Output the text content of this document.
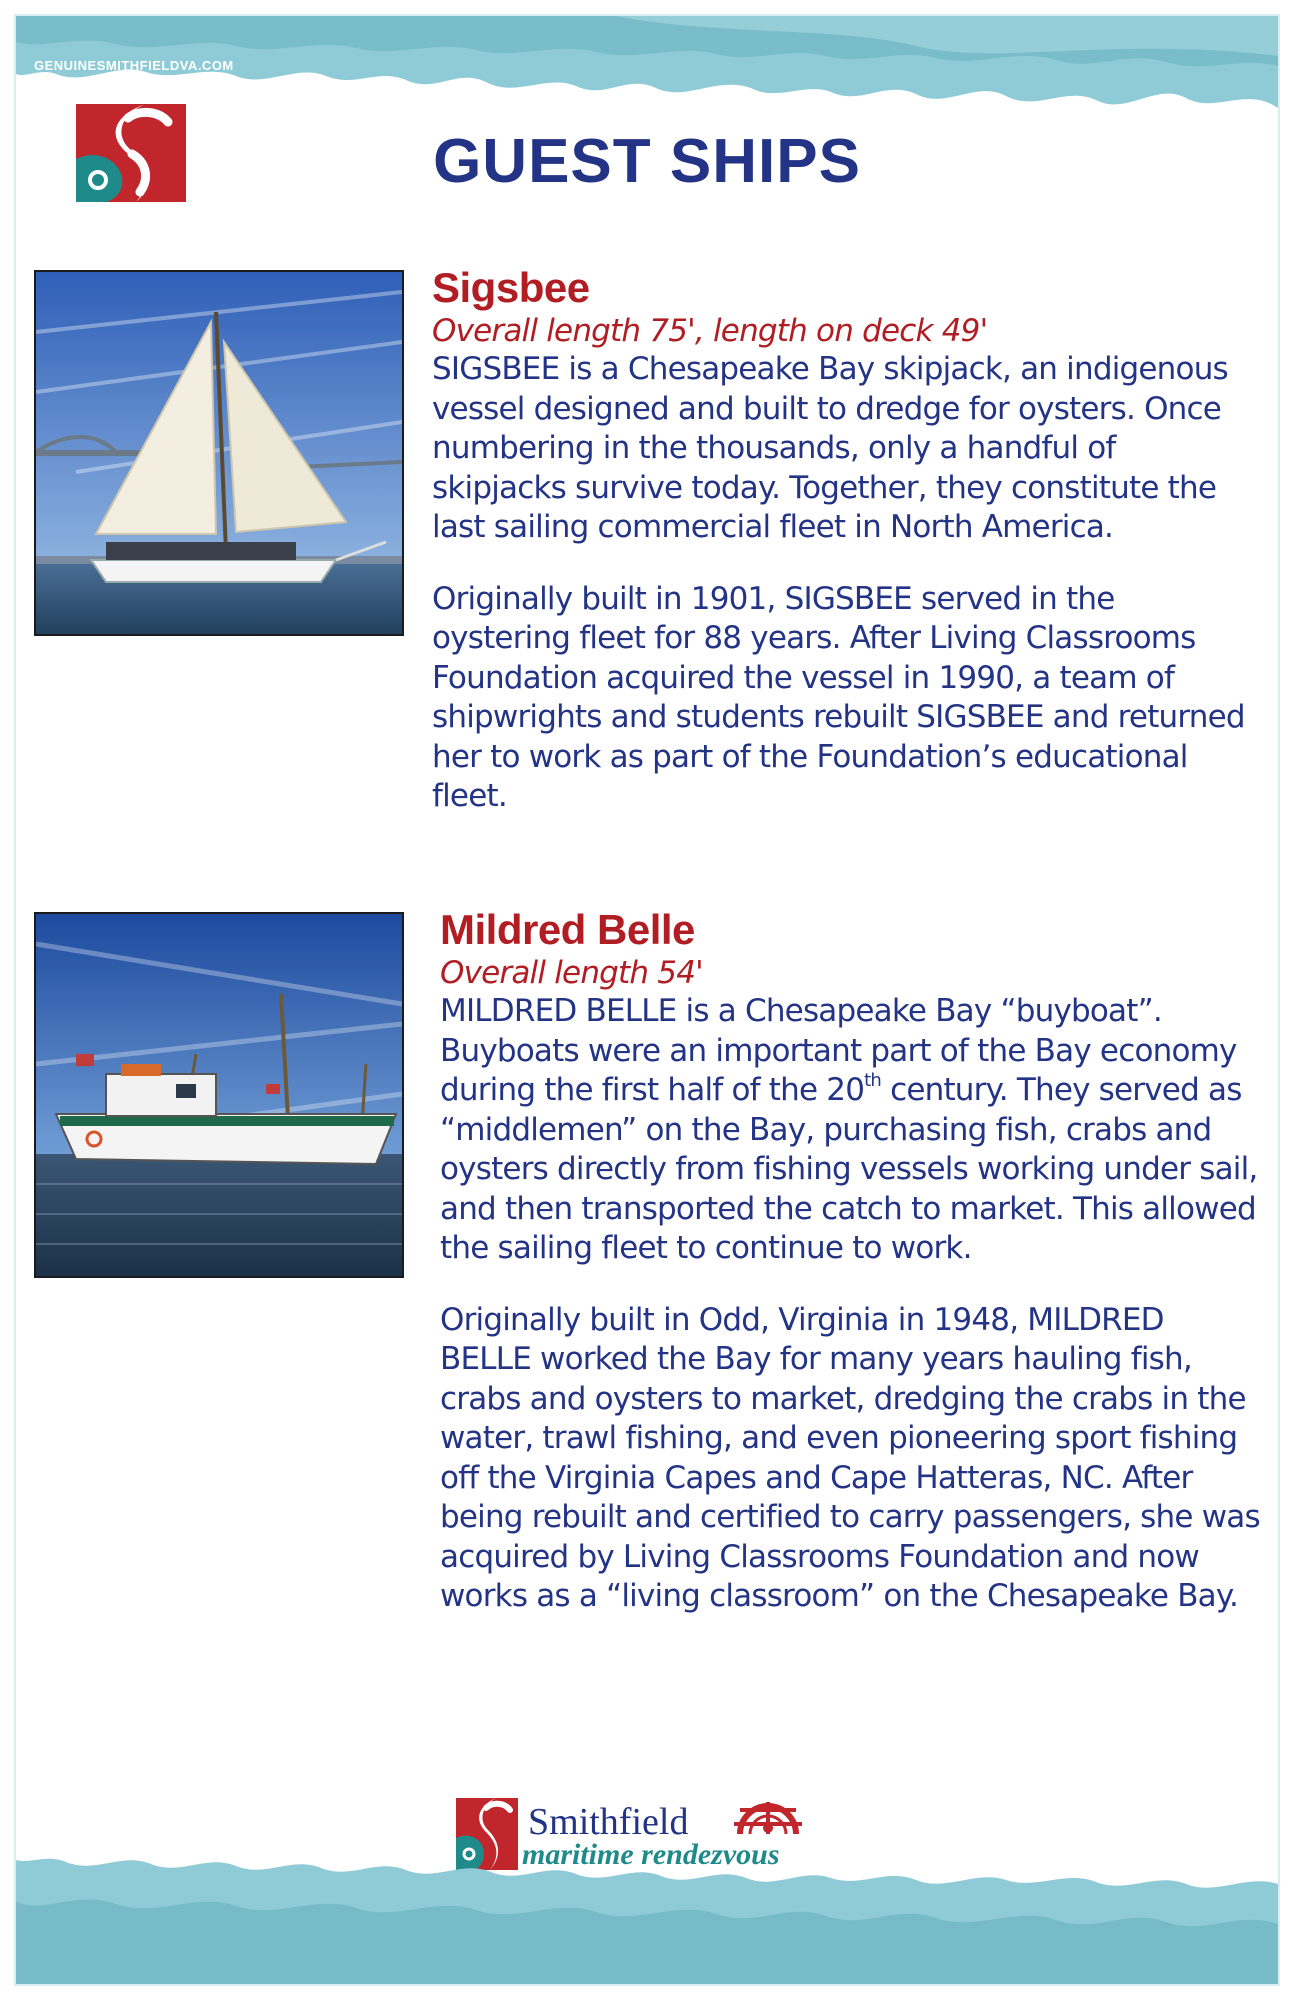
GENUINESMITHFIELDVA.COM
GUEST SHIPS
Sigsbee
Overall length 75', length on deck 49'

SIGSBEE is a Chesapeake Bay skipjack, an indigenous vessel designed and built to dredge for oysters. Once numbering in the thousands, only a handful of skipjacks survive today. Together, they constitute the last sailing commercial fleet in North America.

Originally built in 1901, SIGSBEE served in the oystering fleet for 88 years. After Living Classrooms Foundation acquired the vessel in 1990, a team of shipwrights and students rebuilt SIGSBEE and returned her to work as part of the Foundation’s educational fleet.

Mildred Belle
Overall length 54'

MILDRED BELLE is a Chesapeake Bay “buyboat”. Buyboats were an important part of the Bay economy during the first half of the 20th century. They served as “middlemen” on the Bay, purchasing fish, crabs and oysters directly from fishing vessels working under sail, and then transported the catch to market. This allowed the sailing fleet to continue to work.

Originally built in Odd, Virginia in 1948, MILDRED BELLE worked the Bay for many years hauling fish, crabs and oysters to market, dredging the crabs in the water, trawl fishing, and even pioneering sport fishing off the Virginia Capes and Cape Hatteras, NC. After being rebuilt and certified to carry passengers, she was acquired by Living Classrooms Foundation and now works as a “living classroom” on the Chesapeake Bay.

Smithfield
maritime rendezvous
